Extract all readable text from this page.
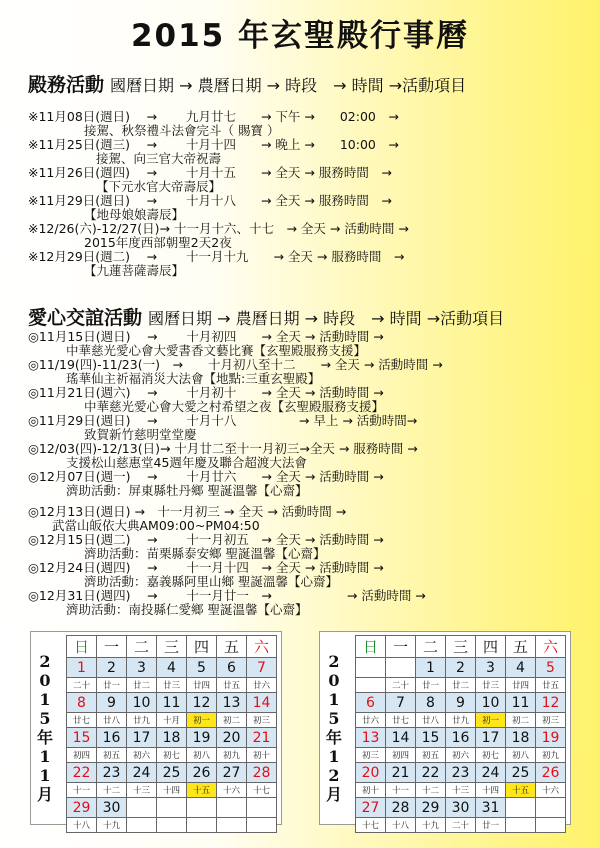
2015 年玄聖殿行事曆
殿務活動 國曆日期 → 農曆日期 → 時段　→ 時間 →活動項目
※11月08日(週日)　 →　　 九月廿七　　→ 下午 →　　02:00　→
接駕、秋祭禮斗法會完斗（ 賜寶 ）
※11月25日(週三)　 →　　 十月十四　　→ 晚上 →　　10:00　→
接駕、向三官大帝祝壽
※11月26日(週四)　 →　　 十月十五　　→ 全天 → 服務時間　→
【下元水官大帝壽辰】
※11月29日(週日)　 →　　 十月十八　　→ 全天 → 服務時間　→
【地母娘娘壽辰】
※12/26(六)-12/27(日)→ 十一月十六、十七　→ 全天 → 活動時間 →
2015年度西部朝聖2天2夜
※12月29日(週二)　 →　　 十一月十九　　→ 全天 → 服務時間　→
【九蓮菩薩壽辰】
愛心交誼活動 國曆日期 → 農曆日期 → 時段　→ 時間 →活動項目
◎11月15日(週日)　 →　　 十月初四　　→ 全天 → 活動時間 →
中華慈光愛心會大愛書香文藝比賽【玄聖殿服務支援】
◎11/19(四)-11/23(一)　→　　十月初八至十二　　→ 全天 → 活動時間 →
瑤華仙主祈福消災大法會【地點:三重玄聖殿】
◎11月21日(週六)　 →　　 十月初十　　→ 全天 → 活動時間 →
中華慈光愛心會大愛之村希望之夜【玄聖殿服務支援】
◎11月29日(週日)　 →　　 十月十八　　　　　→ 早上 → 活動時間→
致賀新竹慈明堂堂慶
◎12/03(四)-12/13(日)→ 十月廿二至十一月初三→全天 → 服務時間 →
支援松山慈惠堂45週年慶及聯合超渡大法會
◎12月07日(週一)　 →　　 十月廿六　　→ 全天 → 活動時間 →
濟助活動：屏東縣牡丹鄉 聖誕溫馨【心齋】
◎12月13日(週日) →　十一月初三 → 全天 → 活動時間 →
武當山皈依大典AM09:00~PM04:50
◎12月15日(週二)　 →　　 十一月初五　→ 全天 → 活動時間 →
濟助活動：苗栗縣泰安鄉 聖誕溫馨【心齋】
◎12月24日(週四)　 →　　 十一月十四　→ 全天 → 活動時間 →
濟助活動：嘉義縣阿里山鄉 聖誕溫馨【心齋】
◎12月31日(週四)　 →　　 十一月廿一　→　　　　　　→ 活動時間 →
濟助活動：南投縣仁愛鄉 聖誕溫馨【心齋】
2
0
1
5
年
1
1
月
日	一	二	三	四	五	六
1	2	3	4	5	6	7
二十	廿一	廿二	廿三	廿四	廿五	廿六
8	9	10	11	12	13	14
廿七	廿八	廿九	十月	初一	初二	初三
15	16	17	18	19	20	21
初四	初五	初六	初七	初八	初九	初十
22	23	24	25	26	27	28
十一	十二	十三	十四	十五	十六	十七
29	30					
十八	十九					
2
0
1
5
年
1
2
月
日	一	二	三	四	五	六
		1	2	3	4	5
	二十	廿一	廿二	廿三	廿四	廿五
6	7	8	9	10	11	12
廿六	廿七	廿八	廿九	初一	初二	初三
13	14	15	16	17	18	19
初三	初四	初五	初六	初七	初八	初九
20	21	22	23	24	25	26
初十	十一	十二	十三	十四	十五	十六
27	28	29	30	31		
十七	十八	十九	二十	廿一		
